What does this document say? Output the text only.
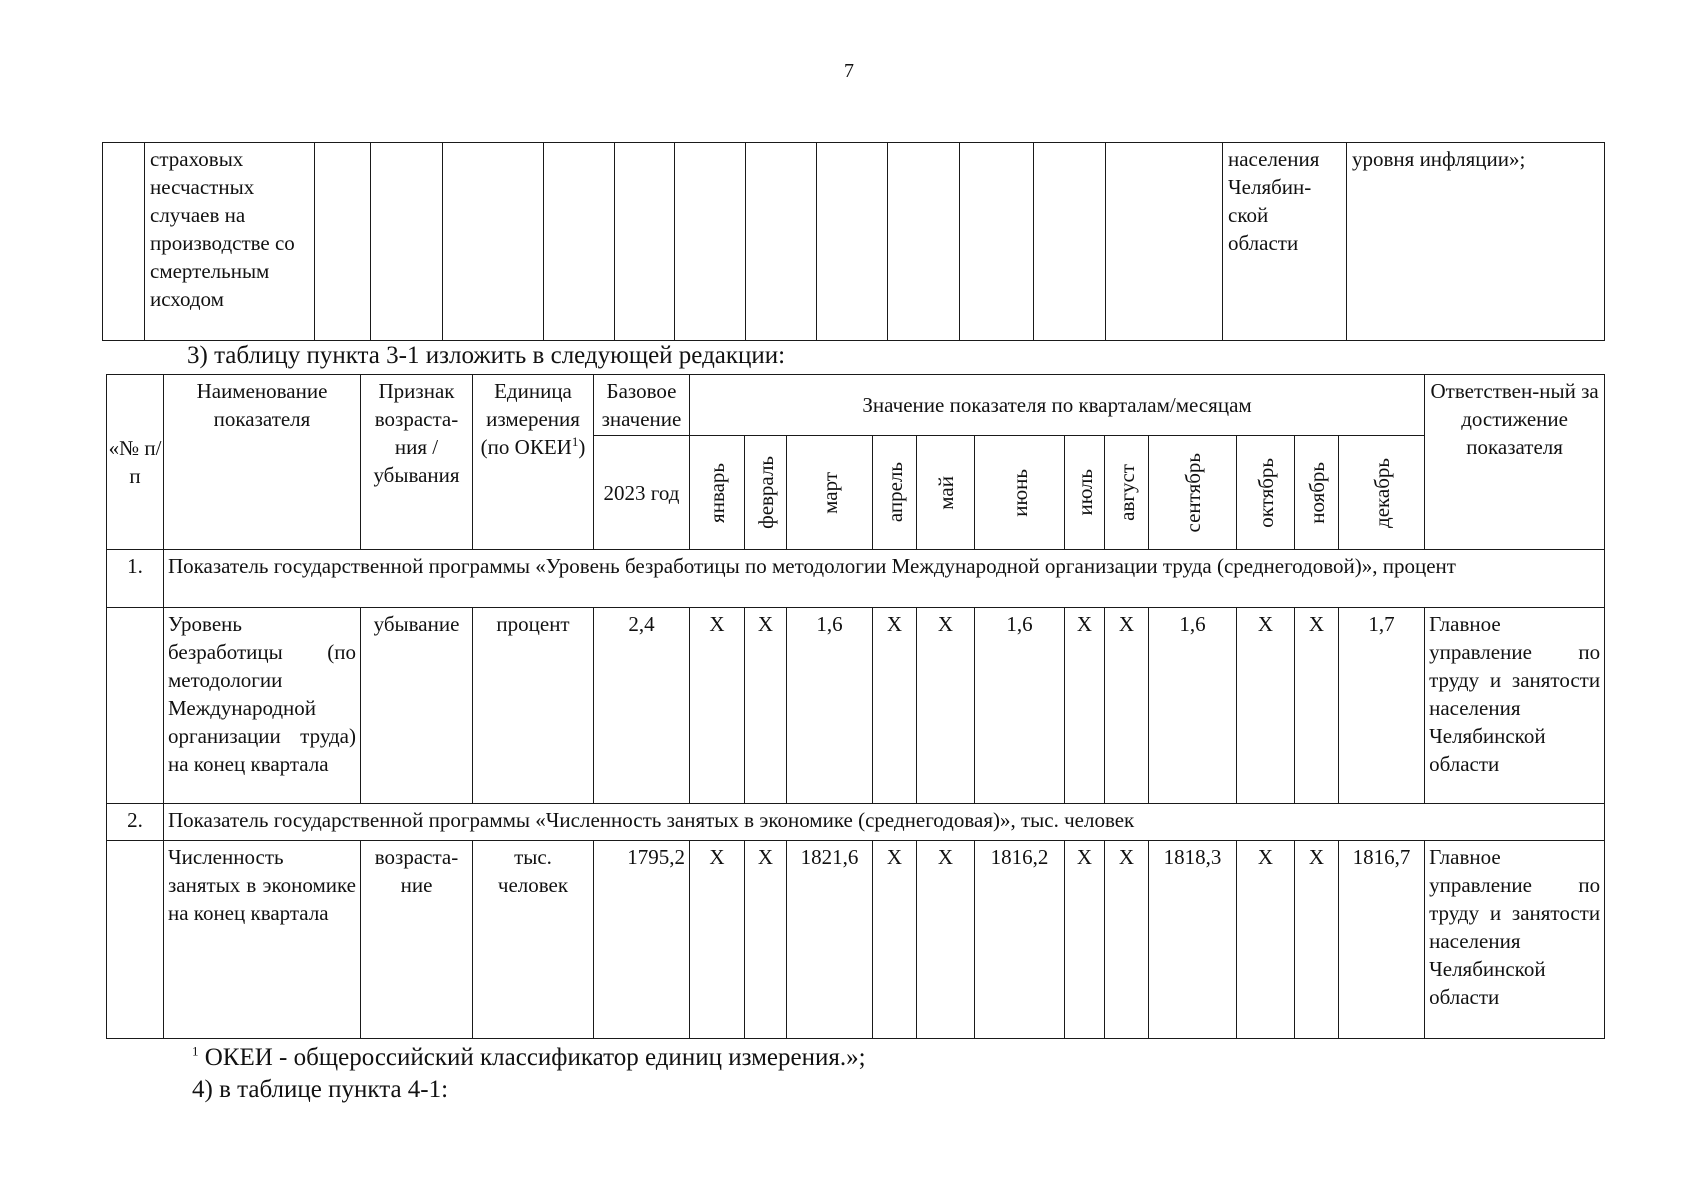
7
	страховых несчастных случаев на производстве со смертельным исходом													населения Челябин-ской области	уровня инфляции»;
3) таблицу пункта 3-1 изложить в следующей редакции:
«№ п/п	Наименование показателя	Признак возраста-ния / убывания	Единица измерения (по ОКЕИ$^1$)	Базовое значение	Значение показателя по кварталам/месяцам												Ответствен-ный за достижение показателя
				2023 год	январь	февраль	март	апрель	май	июнь	июль	август	сентябрь	октябрь	ноябрь	декабрь	

1.	Показатель государственной программы «Уровень безработицы по методологии Международной организации труда (среднегодовой)», процент																
	Уровень безработицы (по методологии Международной организации труда) на конец квартала	убывание	процент	2,4	X	X	1,6	X	X	1,6	X	X	1,6	X	X	1,7	Главное управление по труду и занятости населения Челябинской области
2.	Показатель государственной программы «Численность занятых в экономике (среднегодовая)», тыс. человек																
	Численность занятых в экономике на конец квартала	возраста-ние	тыс. человек	1795,2	X	X	1821,6	X	X	1816,2	X	X	1818,3	X	X	1816,7	Главное управление по труду и занятости населения Челябинской области
$^1$ ОКЕИ - общероссийский классификатор единиц измерения.»;
4) в таблице пункта 4-1:
